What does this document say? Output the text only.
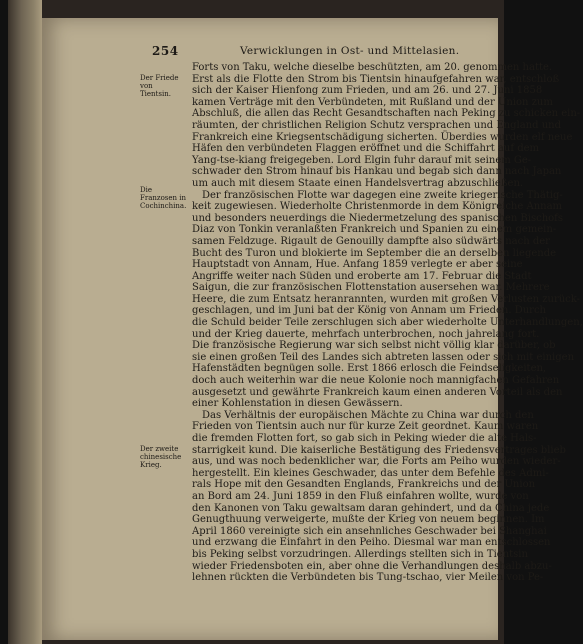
254	Verwicklungen in Ost- und Mittelasien.
Der Friede von Tientsin.
Die Franzosen in Cochinchina.
Der zweite chinesische Krieg.
Forts von Taku, welche dieselbe beschützten, am 20. genommen hatte.
Erst als die Flotte den Strom bis Tientsin hinaufgefahren war, entschloß
sich der Kaiser Hienfong zum Frieden, und am 26. und 27. Juni 1858
kamen Verträge mit den Verbündeten, mit Rußland und der Union zum
Abschluß, die allen das Recht Gesandtschaften nach Peking zu schicken ein-
räumten, der christlichen Religion Schutz versprachen und England und
Frankreich eine Kriegsentschädigung sicherten. Überdies wurden elf neue
Häfen den verbündeten Flaggen eröffnet und die Schiffahrt auf dem
Yang-tse-kiang freigegeben. Lord Elgin fuhr darauf mit seinem Ge-
schwader den Strom hinauf bis Hankau und begab sich dann nach Japan
um auch mit diesem Staate einen Handelsvertrag abzuschließen.
Der französischen Flotte war dagegen eine zweite kriegerische Thätig-
keit zugewiesen. Wiederholte Christenmorde in dem Königreiche Annam
und besonders neuerdings die Niedermetzelung des spanischen Bischofs
Diaz von Tonkin veranlaßten Frankreich und Spanien zu einem gemein-
samen Feldzuge. Rigault de Genouilly dampfte also südwärts nach der
Bucht des Turon und blokierte im September die an derselben liegende
Hauptstadt von Annam, Hue. Anfang 1859 verlegte er aber seine
Angriffe weiter nach Süden und eroberte am 17. Februar die Stadt
Saigun, die zur französischen Flottenstation ausersehen war. Mehrere
Heere, die zum Entsatz heranrannten, wurden mit großen Verlusten zurück-
geschlagen, und im Juni bat der König von Annam um Frieden. Durch
die Schuld beider Teile zerschlugen sich aber wiederholte Unterhandlungen,
und der Krieg dauerte, mehrfach unterbrochen, noch jahrelang fort.
Die französische Regierung war sich selbst nicht völlig klar darüber, ob
sie einen großen Teil des Landes sich abtreten lassen oder sich mit einigen
Hafenstädten begnügen solle. Erst 1866 erlosch die Feindseligkeiten,
doch auch weiterhin war die neue Kolonie noch mannigfachen Gefahren
ausgesetzt und gewährte Frankreich kaum einen anderen Vorteil als den
einer Kohlenstation in diesen Gewässern.
Das Verhältnis der europäischen Mächte zu China war durch den
Frieden von Tientsin auch nur für kurze Zeit geordnet. Kaum waren
die fremden Flotten fort, so gab sich in Peking wieder die alte Hals-
starrigkeit kund. Die kaiserliche Bestätigung des Friedensvertrages blieb
aus, und was noch bedenklicher war, die Forts am Peiho wurden wieder-
hergestellt. Ein kleines Geschwader, das unter dem Befehle des Admi-
rals Hope mit den Gesandten Englands, Frankreichs und der Union
an Bord am 24. Juni 1859 in den Fluß einfahren wollte, wurde von
den Kanonen von Taku gewaltsam daran gehindert, und da China jede
Genugthuung verweigerte, mußte der Krieg von neuem beginnen. Im
April 1860 vereinigte sich ein ansehnliches Geschwader bei Shanghai
und erzwang die Einfahrt in den Peiho. Diesmal war man entschlossen
bis Peking selbst vorzudringen. Allerdings stellten sich in Tientsin
wieder Friedensboten ein, aber ohne die Verhandlungen deshalb abzu-
lehnen rückten die Verbündeten bis Tung-tschao, vier Meilen von Pe-
